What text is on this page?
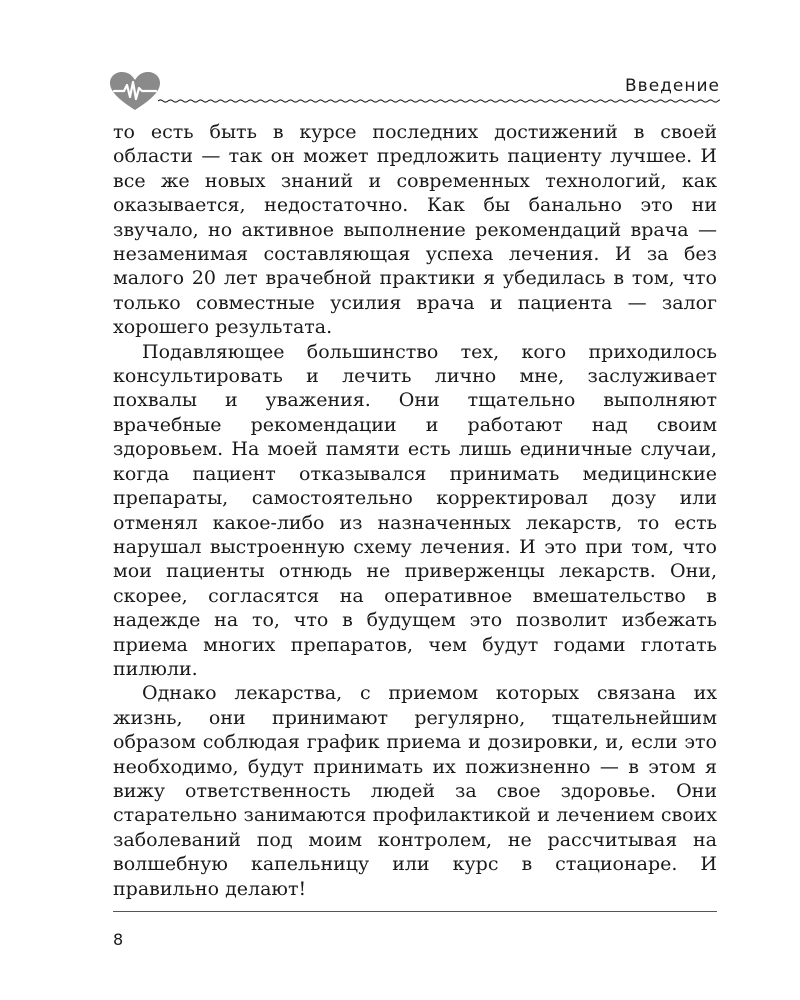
Введение

то есть быть в курсе последних достижений в своей области — так он может предложить пациенту лучшее. И все же новых знаний и современных технологий, как оказывается, недостаточно. Как бы банально это ни звучало, но активное выполнение рекомендаций врача — незаменимая составляющая успеха лечения. И за без малого 20 лет врачебной практики я убедилась в том, что только совместные усилия врача и пациента — залог хорошего результата.

Подавляющее большинство тех, кого приходилось консультировать и лечить лично мне, заслуживает похвалы и уважения. Они тщательно выполняют врачебные рекомендации и работают над своим здоровьем. На моей памяти есть лишь единичные случаи, когда пациент отказывался принимать медицинские препараты, самостоятельно корректировал дозу или отменял какое-либо из назначенных лекарств, то есть нарушал выстроенную схему лечения. И это при том, что мои пациенты отнюдь не приверженцы лекарств. Они, скорее, согласятся на оперативное вмешательство в надежде на то, что в будущем это позволит избежать приема многих препаратов, чем будут годами глотать пилюли.

Однако лекарства, с приемом которых связана их жизнь, они принимают регулярно, тщательнейшим образом соблюдая график приема и дозировки, и, если это необходимо, будут принимать их пожизненно — в этом я вижу ответственность людей за свое здоровье. Они старательно занимаются профилактикой и лечением своих заболеваний под моим контролем, не рассчитывая на волшебную капельницу или курс в стационаре. И правильно делают!

8
